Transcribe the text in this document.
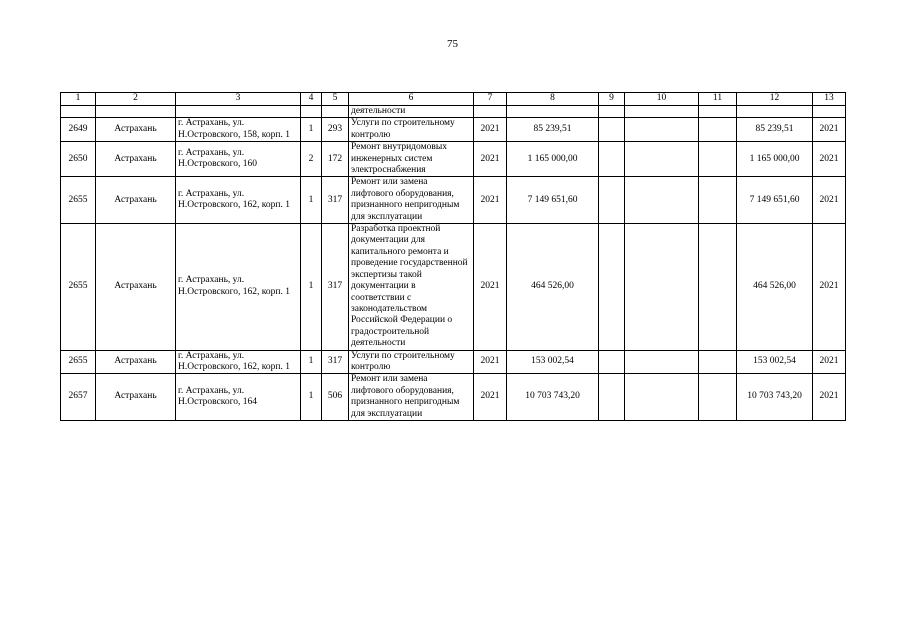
75
1	2	3	4	5	6	7	8	9	10	11	12	13
					деятельности							
2649	Астрахань	г. Астрахань, ул. Н.Островского, 158, корп. 1	1	293	Услуги по строительному контролю	2021	85 239,51				85 239,51	2021
2650	Астрахань	г. Астрахань, ул. Н.Островского, 160	2	172	Ремонт внутридомовых инженерных систем электроснабжения	2021	1 165 000,00				1 165 000,00	2021
2655	Астрахань	г. Астрахань, ул. Н.Островского, 162, корп. 1	1	317	Ремонт или замена лифтового оборудования, признанного непригодным для эксплуатации	2021	7 149 651,60				7 149 651,60	2021
2655	Астрахань	г. Астрахань, ул. Н.Островского, 162, корп. 1	1	317	Разработка проектной документации для капитального ремонта и проведение государственной экспертизы такой документации в соответствии с законодательством Российской Федерации о градостроительной деятельности	2021	464 526,00				464 526,00	2021
2655	Астрахань	г. Астрахань, ул. Н.Островского, 162, корп. 1	1	317	Услуги по строительному контролю	2021	153 002,54				153 002,54	2021
2657	Астрахань	г. Астрахань, ул. Н.Островского, 164	1	506	Ремонт или замена лифтового оборудования, признанного непригодным для эксплуатации	2021	10 703 743,20				10 703 743,20	2021
